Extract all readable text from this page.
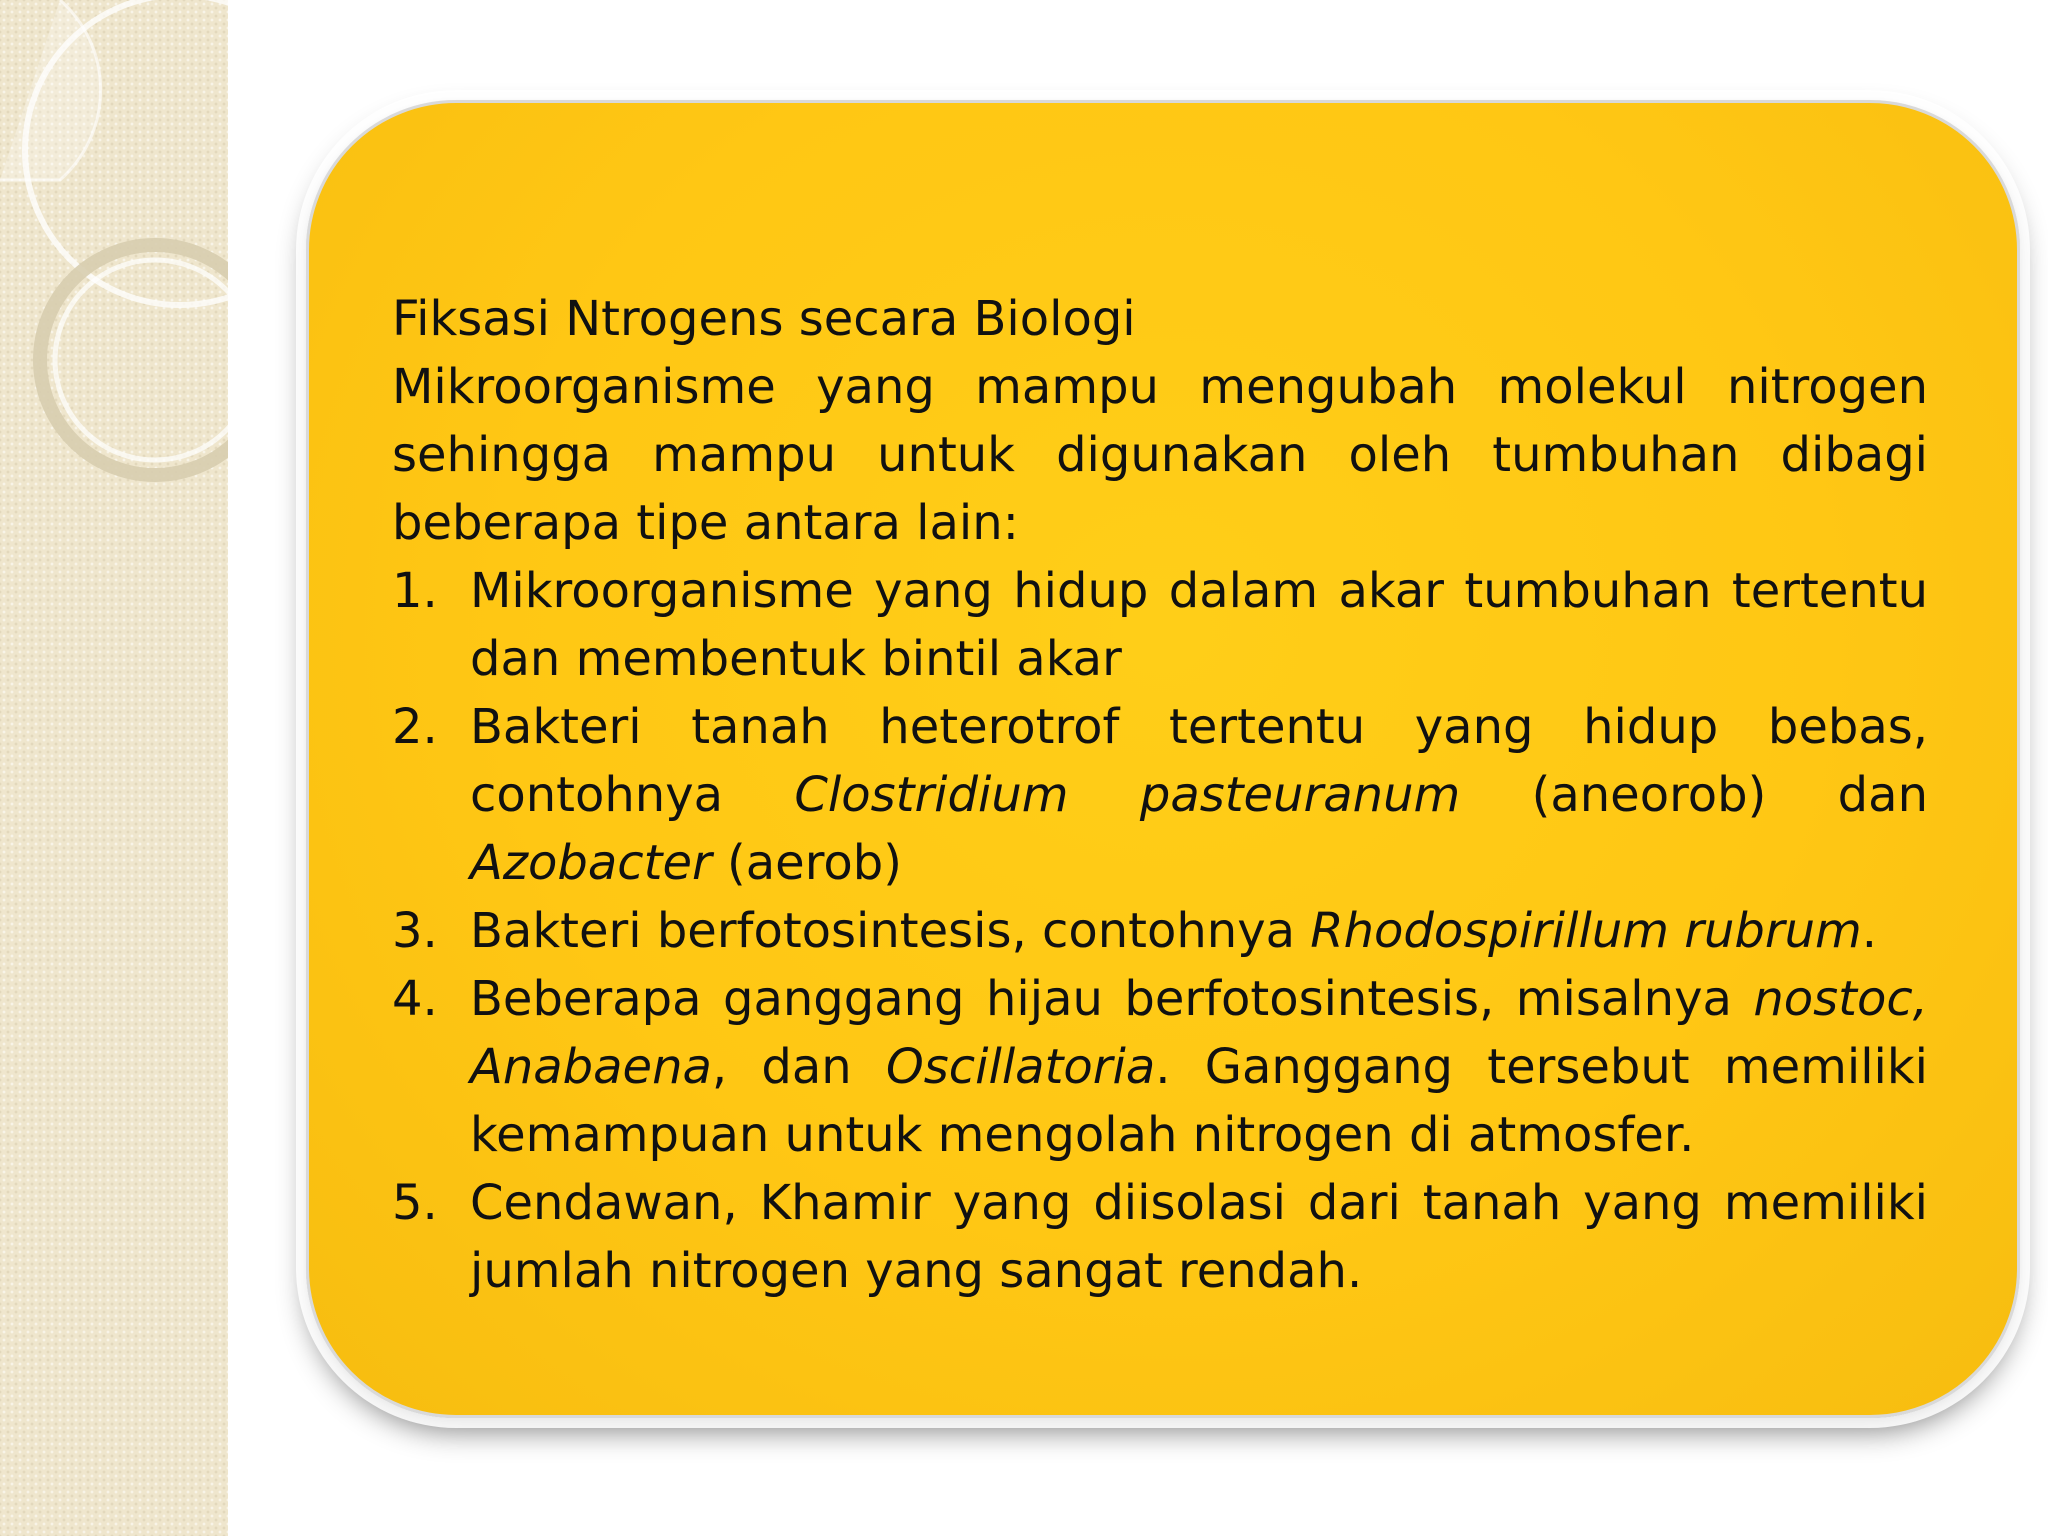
Fiksasi Ntrogens secara Biologi
Mikroorganisme yang mampu mengubah molekul nitrogen sehingga mampu untuk digunakan oleh tumbuhan dibagi beberapa tipe antara lain:
1. Mikroorganisme yang hidup dalam akar tumbuhan tertentu dan membentuk bintil akar
2. Bakteri tanah heterotrof tertentu yang hidup bebas, contohnya Clostridium pasteuranum (aneorob) dan Azobacter (aerob)
3. Bakteri berfotosintesis, contohnya Rhodospirillum rubrum.
4. Beberapa ganggang hijau berfotosintesis, misalnya nostoc, Anabaena, dan Oscillatoria. Ganggang tersebut memiliki kemampuan untuk mengolah nitrogen di atmosfer.
5. Cendawan, Khamir yang diisolasi dari tanah yang memiliki jumlah nitrogen yang sangat rendah.
